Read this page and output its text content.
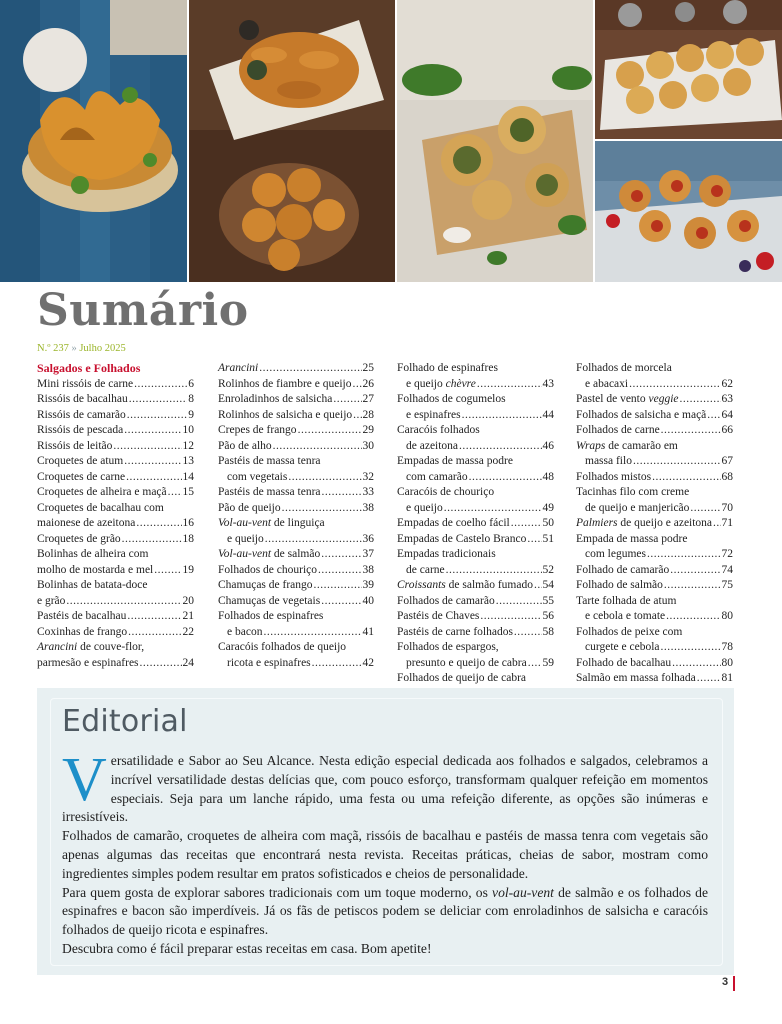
Sumário
N.º 237 » Julho 2025
Salgados e Folhados
Mini rissóis de carne .....	6
Rissóis de bacalhau .....	8
Rissóis de camarão .....	9
Rissóis de pescada .....	10
Rissóis de leitão .....	12
Croquetes de atum .....	13
Croquetes de carne .....	14
Croquetes de alheira e maçã ..... 15
Croquetes de bacalhau com
maionese de azeitona .....	16
Croquetes de grão .....	18
Bolinhas de alheira com
molho de mostarda e mel .....	19
Bolinhas de batata-doce
e grão .....	20
Pastéis de bacalhau .....	21
Coxinhas de frango .....	22
Arancini de couve-flor,
parmesão e espinafres .....	24
Arancini .....	25
Rolinhos de fiambre e queijo ..... 26
Enroladinhos de salsicha .....	27
Rolinhos de salsicha e queijo ..... 28
Crepes de frango .....	29
Pão de alho .....	30
Pastéis de massa tenra
com vegetais .....	32
Pastéis de massa tenra .....	33
Pão de queijo .....	38
Vol-au-vent de linguiça
e queijo .....	36
Vol-au-vent de salmão .....	37
Folhados de chouriço .....	38
Chamuças de frango .....	39
Chamuças de vegetais .....	40
Folhados de espinafres
e bacon .....	41
Caracóis folhados de queijo
ricota e espinafres .....	42
Folhado de espinafres
e queijo chèvre .....	43
Folhados de cogumelos
e espinafres .....	44
Caracóis folhados
de azeitona .....	46
Empadas de massa podre
com camarão .....	48
Caracóis de chouriço
e queijo .....	49
Empadas de coelho fácil .....	50
Empadas de Castelo Branco ..... 51
Empadas tradicionais
de carne .....	52
Croissants de salmão fumado ..... 54
Folhados de camarão .....	55
Pastéis de Chaves .....	56
Pastéis de carne folhados .....	58
Folhados de espargos,
presunto e queijo de cabra ..... 59
Folhados de queijo de cabra
.....
Folhados de morcela
e abacaxi .....	62
Pastel de vento veggie .....	63
Folhados de salsicha e maçã ..... 64
Folhados de carne .....	66
Wraps de camarão em
massa filo .....	67
Folhados mistos .....	68
Tacinhas filo com creme
de queijo e manjericão .....	70
Palmiers de queijo e azeitona ..... 71
Empada de massa podre
com legumes .....	72
Folhado de camarão .....	74
Folhado de salmão .....	75
Tarte folhada de atum
e cebola e tomate .....	80
Folhados de peixe com
curgete e cebola .....	78
Folhado de bacalhau .....	80
Salmão em massa folhada ..... 81
Editorial

Versatilidade e Sabor ao Seu Alcance. Nesta edição especial dedicada aos folhados e salgados, celebramos a incrível versatilidade destas delícias que, com pouco esforço, transformam qualquer refeição em momentos especiais. Seja para um lanche rápido, uma festa ou uma refeição diferente, as opções são inúmeras e irresistíveis.

Folhados de camarão, croquetes de alheira com maçã, rissóis de bacalhau e pastéis de massa tenra com vegetais são apenas algumas das receitas que encontrará nesta revista. Receitas práticas, cheias de sabor, mostram como ingredientes simples podem resultar em pratos sofisticados e cheios de personalidade.

Para quem gosta de explorar sabores tradicionais com um toque moderno, os vol-au-vent de salmão e os folhados de espinafres e bacon são imperdíveis. Já os fãs de petiscos podem se deliciar com enroladinhos de salsicha e caracóis folhados de queijo ricota e espinafres.

Descubra como é fácil preparar estas receitas em casa. Bom apetite!

3
